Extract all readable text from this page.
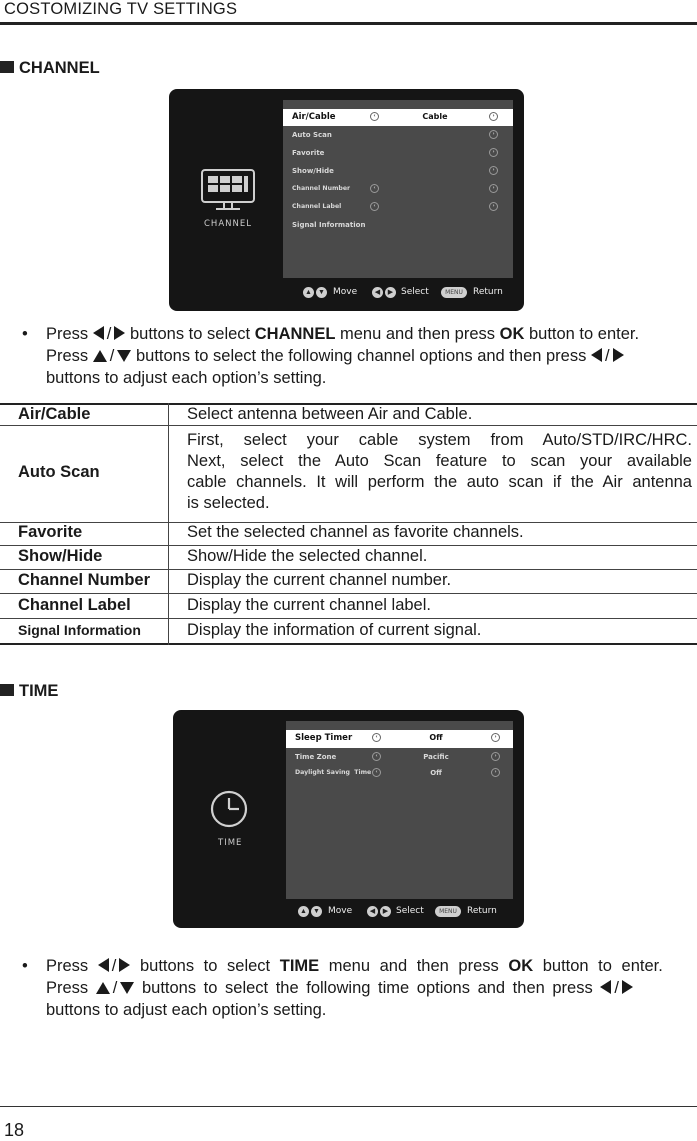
COSTOMIZING TV SETTINGS
CHANNEL
CHANNEL
Air/Cable ‹	Cable
›
Auto Scan
›
Favorite
›
Show/Hide
›
Channel Number
‹
›
Channel Label
‹
›
Signal Information
▲ ▼ Move	◀	▶ Select	MENU	Return
• Press / buttons to select CHANNEL menu and then press OK button to enter.
Press / buttons to select the following channel options and then press /
buttons to adjust each option’s setting.
Air/Cable	Select antenna between Air and Cable.
Auto Scan
First, select your cable system from Auto/STD/IRC/HRC.
Next, select the Auto Scan feature to scan your available
cable channels. It will perform the auto scan if the Air antenna
is selected.
Favorite	Set the selected channel as favorite channels.
Show/Hide	Show/Hide the selected channel.
Channel Number Display the current channel number.
Channel Label	Display the current channel label.
Signal Information	Display the information of current signal.
TIME
TIME
Sleep Timer ‹	Off
›
Time Zone ‹	Pacific
›
Daylight Saving  Time ‹	Off
›
▲ ▼ Move	◀	▶ Select	MENU	Return
• Press / buttons to select TIME menu and then press OK button to enter.
Press / buttons to select the following time options and then press /
buttons to adjust each option’s setting.
18
